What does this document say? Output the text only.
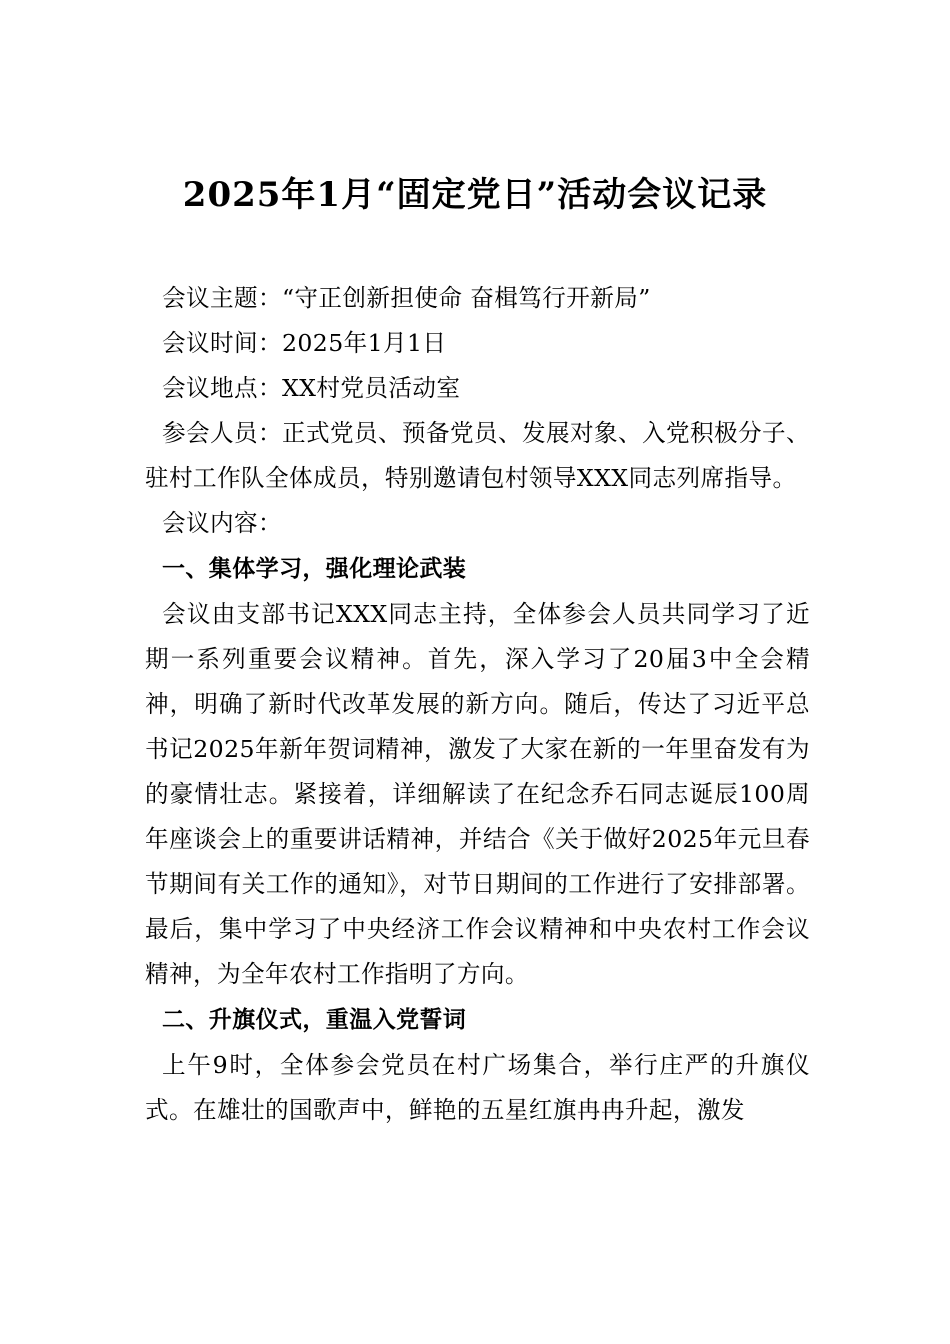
2025年1月“固定党日”活动会议记录

会议主题：“守正创新担使命 奋楫笃行开新局”

会议时间：2025年1月1日

会议地点：XX村党员活动室

参会人员：正式党员、预备党员、发展对象、入党积极分子、驻村工作队全体成员，特别邀请包村领导XXX同志列席指导。

会议内容：

一、集体学习，强化理论武装

会议由支部书记XXX同志主持，全体参会人员共同学习了近期一系列重要会议精神。首先，深入学习了20届3中全会精神，明确了新时代改革发展的新方向。随后，传达了习近平总书记2025年新年贺词精神，激发了大家在新的一年里奋发有为的豪情壮志。紧接着，详细解读了在纪念乔石同志诞辰100周年座谈会上的重要讲话精神，并结合《关于做好2025年元旦春节期间有关工作的通知》，对节日期间的工作进行了安排部署。最后，集中学习了中央经济工作会议精神和中央农村工作会议精神，为全年农村工作指明了方向。

二、升旗仪式，重温入党誓词

上午9时，全体参会党员在村广场集合，举行庄严的升旗仪式。在雄壮的国歌声中，鲜艳的五星红旗冉冉升起，激发
